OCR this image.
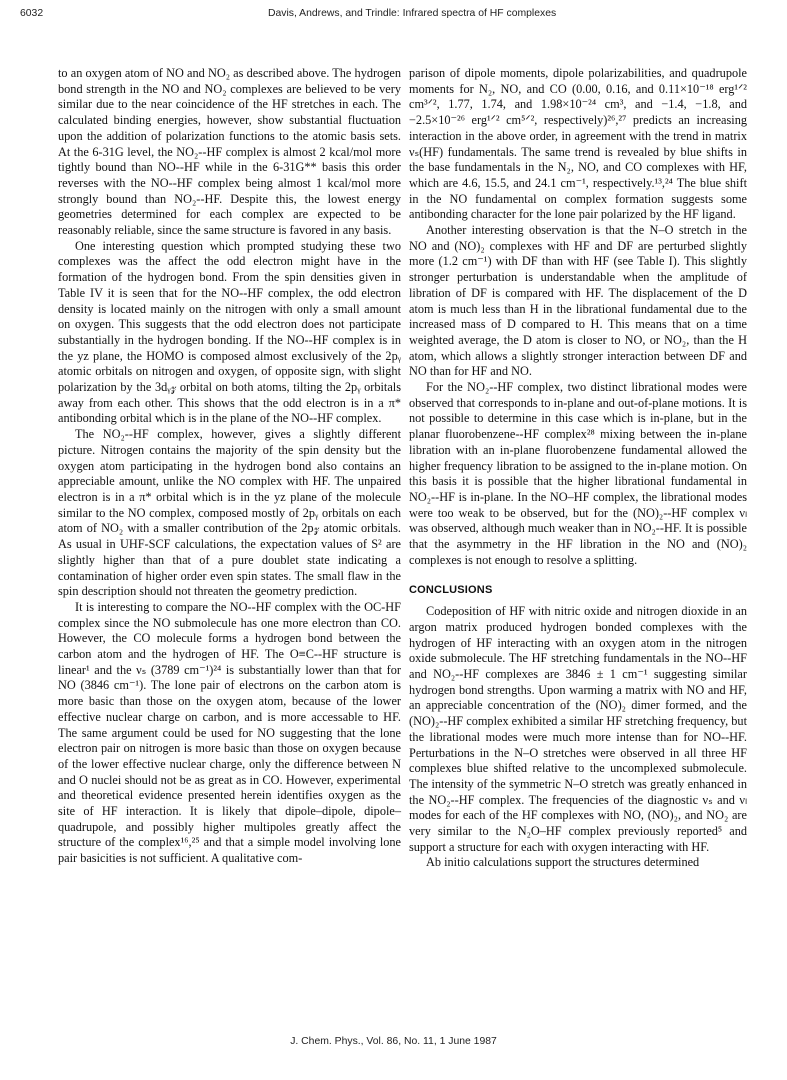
6032	Davis, Andrews, and Trindle: Infrared spectra of HF complexes

to an oxygen atom of NO and NO₂ as described above. The hydrogen bond strength in the NO and NO₂ complexes are believed to be very similar due to the near coincidence of the HF stretches in each. The calculated binding energies, however, show substantial fluctuation upon the addition of polarization functions to the atomic basis sets. At the 6-31G level, the NO₂--HF complex is almost 2 kcal/mol more tightly bound than NO--HF while in the 6-31G** basis this order reverses with the NO--HF complex being almost 1 kcal/mol more strongly bound than NO₂--HF. Despite this, the lowest energy geometries determined for each complex are expected to be reasonably reliable, since the same structure is favored in any basis.

One interesting question which prompted studying these two complexes was the affect the odd electron might have in the formation of the hydrogen bond. From the spin densities given in Table IV it is seen that for the NO--HF complex, the odd electron density is located mainly on the nitrogen with only a small amount on oxygen. This suggests that the odd electron does not participate substantially in the hydrogen bonding. If the NO--HF complex is in the yz plane, the HOMO is composed almost exclusively of the 2pᵧ atomic orbitals on nitrogen and oxygen, of opposite sign, with slight polarization by the 3dᵧ𝓏 orbital on both atoms, tilting the 2pᵧ orbitals away from each other. This shows that the odd electron is in a π* antibonding orbital which is in the plane of the NO--HF complex.

The NO₂--HF complex, however, gives a slightly different picture. Nitrogen contains the majority of the spin density but the oxygen atom participating in the hydrogen bond also contains an appreciable amount, unlike the NO complex with HF. The unpaired electron is in a π* orbital which is in the yz plane of the molecule similar to the NO complex, composed mostly of 2pᵧ orbitals on each atom of NO₂ with a smaller contribution of the 2p𝓏 atomic orbitals. As usual in UHF-SCF calculations, the expectation values of S² are slightly higher than that of a pure doublet state indicating a contamination of higher order even spin states. The small flaw in the spin description should not threaten the geometry prediction.

It is interesting to compare the NO--HF complex with the OC-HF complex since the NO submolecule has one more electron than CO. However, the CO molecule forms a hydrogen bond between the carbon atom and the hydrogen of HF. The O≡C--HF structure is linear¹ and the νₛ (3789 cm⁻¹)²⁴ is substantially lower than that for NO (3846 cm⁻¹). The lone pair of electrons on the carbon atom is more basic than those on the oxygen atom, because of the lower effective nuclear charge on carbon, and is more accessable to HF. The same argument could be used for NO suggesting that the lone electron pair on nitrogen is more basic than those on oxygen because of the lower effective nuclear charge, only the difference between N and O nuclei should not be as great as in CO. However, experimental and theoretical evidence presented herein identifies oxygen as the site of HF interaction. It is likely that dipole–dipole, dipole–quadrupole, and possibly higher multipoles greatly affect the structure of the complex¹⁶,²⁵ and that a simple model involving lone pair basicities is not sufficient. A qualitative com-

parison of dipole moments, dipole polarizabilities, and quadrupole moments for N₂, NO, and CO (0.00, 0.16, and 0.11×10⁻¹⁸ erg¹ᐟ² cm³ᐟ², 1.77, 1.74, and 1.98×10⁻²⁴ cm³, and −1.4, −1.8, and −2.5×10⁻²⁶ erg¹ᐟ² cm⁵ᐟ², respectively)²⁶,²⁷ predicts an increasing interaction in the above order, in agreement with the trend in matrix νₛ(HF) fundamentals. The same trend is revealed by blue shifts in the base fundamentals in the N₂, NO, and CO complexes with HF, which are 4.6, 15.5, and 24.1 cm⁻¹, respectively.¹³,²⁴ The blue shift in the NO fundamental on complex formation suggests some antibonding character for the lone pair polarized by the HF ligand.

Another interesting observation is that the N–O stretch in the NO and (NO)₂ complexes with HF and DF are perturbed slightly more (1.2 cm⁻¹) with DF than with HF (see Table I). This slightly stronger perturbation is understandable when the amplitude of libration of DF is compared with HF. The displacement of the D atom is much less than H in the librational fundamental due to the increased mass of D compared to H. This means that on a time weighted average, the D atom is closer to NO, or NO₂, than the H atom, which allows a slightly stronger interaction between DF and NO than for HF and NO.

For the NO₂--HF complex, two distinct librational modes were observed that corresponds to in-plane and out-of-plane motions. It is not possible to determine in this case which is in-plane, but in the planar fluorobenzene--HF complex²⁸ mixing between the in-plane libration with an in-plane fluorobenzene fundamental allowed the higher frequency libration to be assigned to the in-plane motion. On this basis it is possible that the higher librational fundamental in NO₂--HF is in-plane. In the NO–HF complex, the librational modes were too weak to be observed, but for the (NO)₂--HF complex νₗ was observed, although much weaker than in NO₂--HF. It is possible that the asymmetry in the HF libration in the NO and (NO)₂ complexes is not enough to resolve a splitting.

CONCLUSIONS

Codeposition of HF with nitric oxide and nitrogen dioxide in an argon matrix produced hydrogen bonded complexes with the hydrogen of HF interacting with an oxygen atom in the nitrogen oxide submolecule. The HF stretching fundamentals in the NO--HF and NO₂--HF complexes are 3846 ± 1 cm⁻¹ suggesting similar hydrogen bond strengths. Upon warming a matrix with NO and HF, an appreciable concentration of the (NO)₂ dimer formed, and the (NO)₂--HF complex exhibited a similar HF stretching frequency, but the librational modes were much more intense than for NO--HF. Perturbations in the N–O stretches were observed in all three HF complexes blue shifted relative to the uncomplexed submolecule. The intensity of the symmetric N–O stretch was greatly enhanced in the NO₂--HF complex. The frequencies of the diagnostic νₛ and νₗ modes for each of the HF complexes with NO, (NO)₂, and NO₂ are very similar to the N₂O–HF complex previously reported⁵ and support a structure for each with oxygen interacting with HF.

Ab initio calculations support the structures determined

J. Chem. Phys., Vol. 86, No. 11, 1 June 1987
